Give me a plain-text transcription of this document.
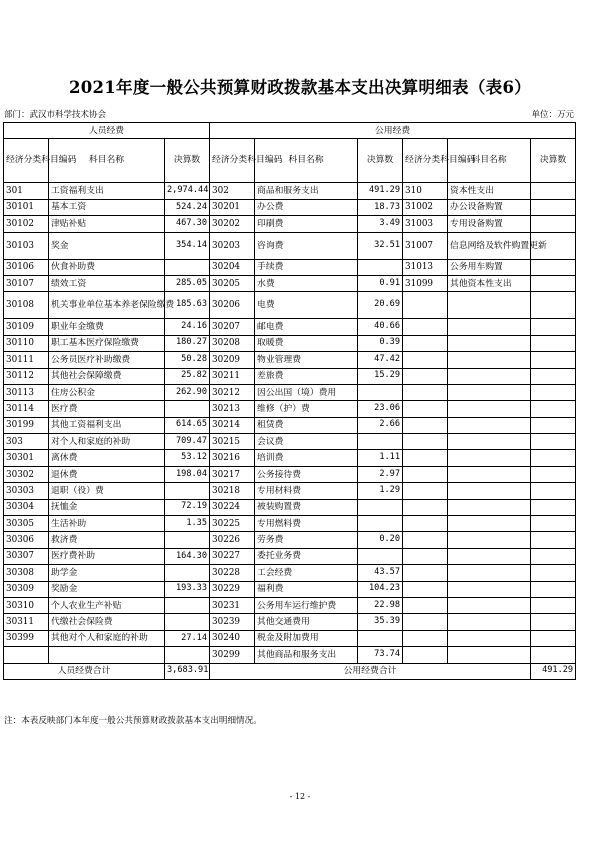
2021年度一般公共预算财政拨款基本支出决算明细表（表6）
部门：武汉市科学技术协会	单位：万元
人员经费			公用经费					
经济分类科目编码	科目名称	决算数	经济分类科目编码	科目名称	决算数	经济分类科目编码	科目名称	决算数
301	工资福利支出	2,974.44	302	商品和服务支出	491.29	310	资本性支出	
30101	基本工资	524.24	30201	办公费	18.73	31002	办公设备购置	
30102	津贴补贴	467.30	30202	印刷费	3.49	31003	专用设备购置	
30103	奖金	354.14	30203	咨询费	32.51	31007	信息网络及软件购置更新	
30106	伙食补助费		30204	手续费		31013	公务用车购置	
30107	绩效工资	285.05	30205	水费	0.91	31099	其他资本性支出	
30108	机关事业单位基本养老保险缴费	185.63	30206	电费	20.69			
30109	职业年金缴费	24.16	30207	邮电费	40.66			
30110	职工基本医疗保险缴费	180.27	30208	取暖费	0.39			
30111	公务员医疗补助缴费	50.28	30209	物业管理费	47.42			
30112	其他社会保障缴费	25.82	30211	差旅费	15.29			
30113	住房公积金	262.90	30212	因公出国（境）费用				
30114	医疗费		30213	维修（护）费	23.06			
30199	其他工资福利支出	614.65	30214	租赁费	2.66			
303	对个人和家庭的补助	709.47	30215	会议费				
30301	离休费	53.12	30216	培训费	1.11			
30302	退休费	198.04	30217	公务接待费	2.97			
30303	退职（役）费		30218	专用材料费	1.29			
30304	抚恤金	72.19	30224	被装购置费				
30305	生活补助	1.35	30225	专用燃料费				
30306	救济费		30226	劳务费	0.20			
30307	医疗费补助	164.30	30227	委托业务费				
30308	助学金		30228	工会经费	43.57			
30309	奖励金	193.33	30229	福利费	104.23			
30310	个人农业生产补贴		30231	公务用车运行维护费	22.98			
30311	代缴社会保险费		30239	其他交通费用	35.39			
30399	其他对个人和家庭的补助	27.14	30240	税金及附加费用				
			30299	其他商品和服务支出	73.74			
人员经费合计		3,683.91	公用经费合计					491.29
注：本表反映部门本年度一般公共预算财政拨款基本支出明细情况。
- 12 -
